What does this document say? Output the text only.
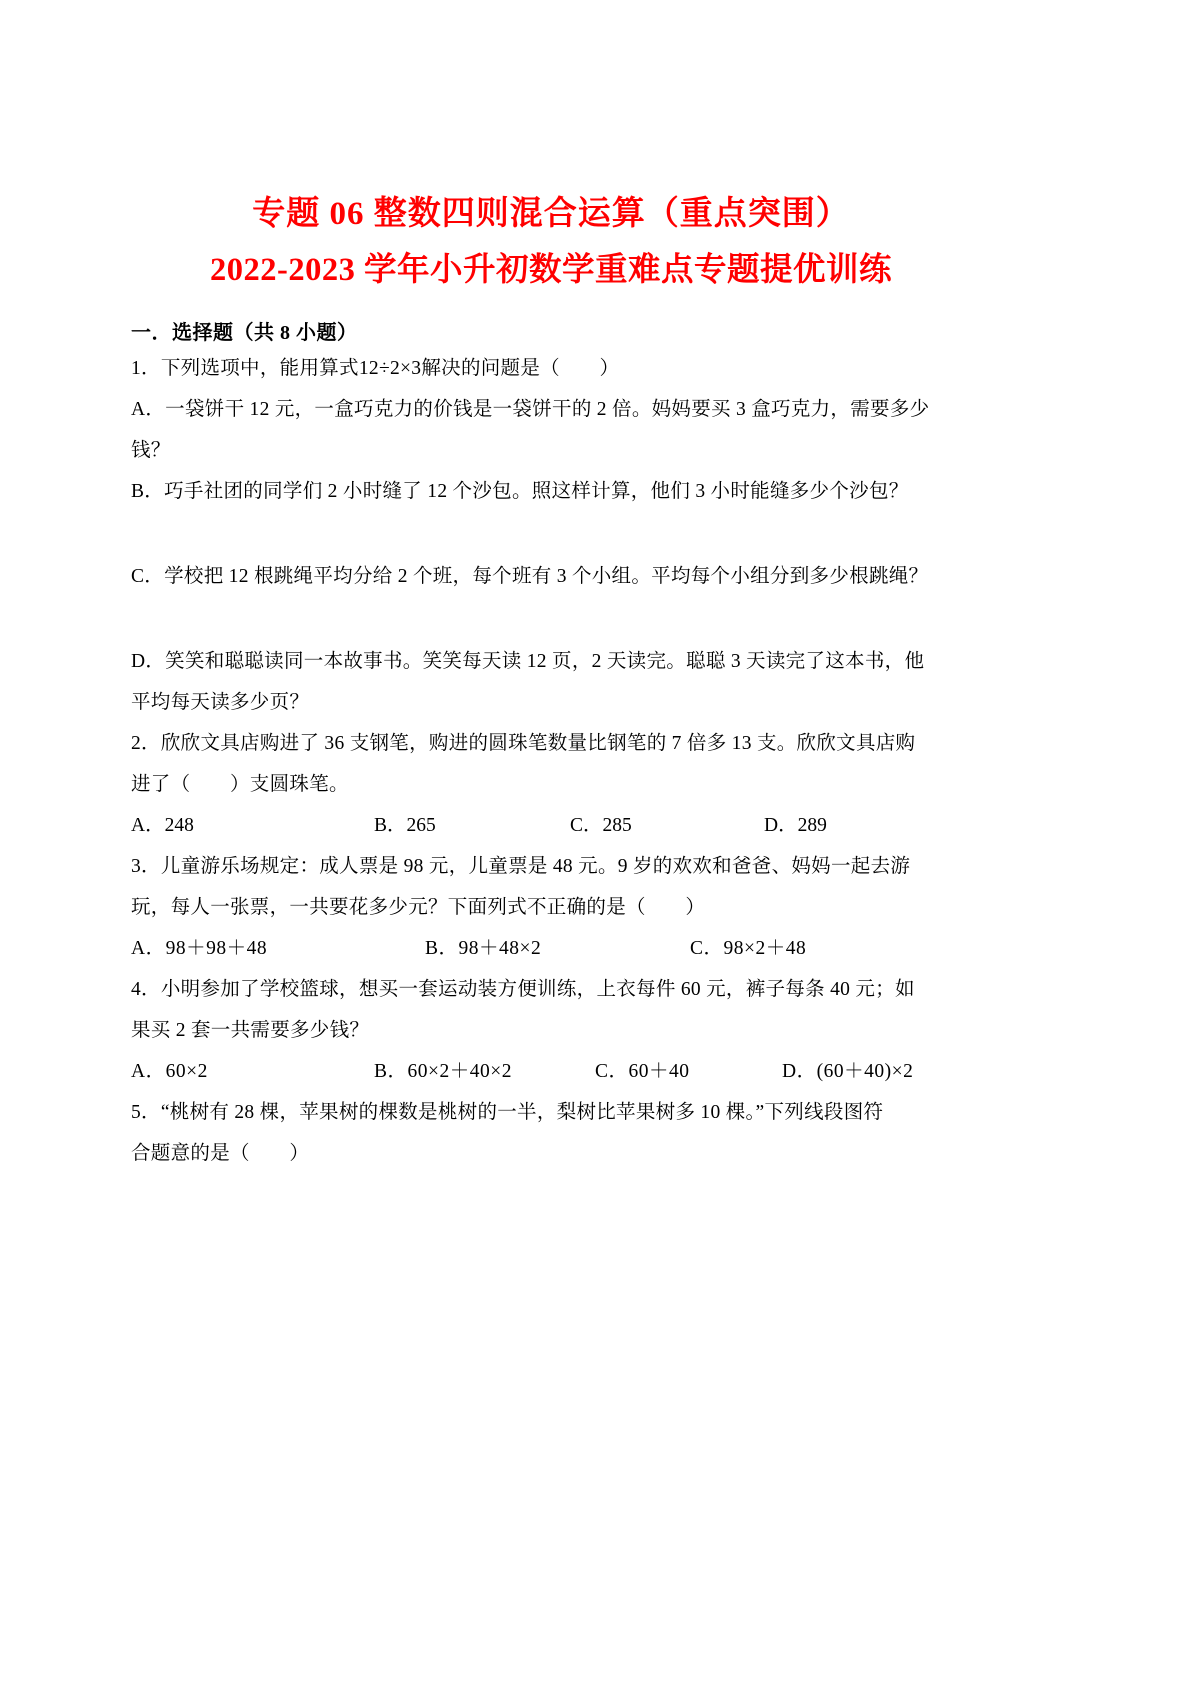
专题 06 整数四则混合运算（重点突围）
2022-2023 学年小升初数学重难点专题提优训练
一．选择题（共 8 小题）
1．下列选项中，能用算式12÷2×3解决的问题是（　　）
A．一袋饼干 12 元，一盒巧克力的价钱是一袋饼干的 2 倍。妈妈要买 3 盒巧克力，需要多少
钱？
B．巧手社团的同学们 2 小时缝了 12 个沙包。照这样计算，他们 3 小时能缝多少个沙包？
C．学校把 12 根跳绳平均分给 2 个班，每个班有 3 个小组。平均每个小组分到多少根跳绳？
D．笑笑和聪聪读同一本故事书。笑笑每天读 12 页，2 天读完。聪聪 3 天读完了这本书，他
平均每天读多少页？
2．欣欣文具店购进了 36 支钢笔，购进的圆珠笔数量比钢笔的 7 倍多 13 支。欣欣文具店购
进了（　　）支圆珠笔。
A．248	B．265	C．285	D．289
3．儿童游乐场规定：成人票是 98 元，儿童票是 48 元。9 岁的欢欢和爸爸、妈妈一起去游
玩，每人一张票，一共要花多少元？下面列式不正确的是（　　）
A．98＋98＋48	B．98＋48×2	C．98×2＋48
4．小明参加了学校篮球，想买一套运动装方便训练，上衣每件 60 元，裤子每条 40 元；如
果买 2 套一共需要多少钱？
A．60×2	B．60×2＋40×2	C．60＋40	D．(60＋40)×2
5．“桃树有 28 棵，苹果树的棵数是桃树的一半，梨树比苹果树多 10 棵。”下列线段图符
合题意的是（　　）
